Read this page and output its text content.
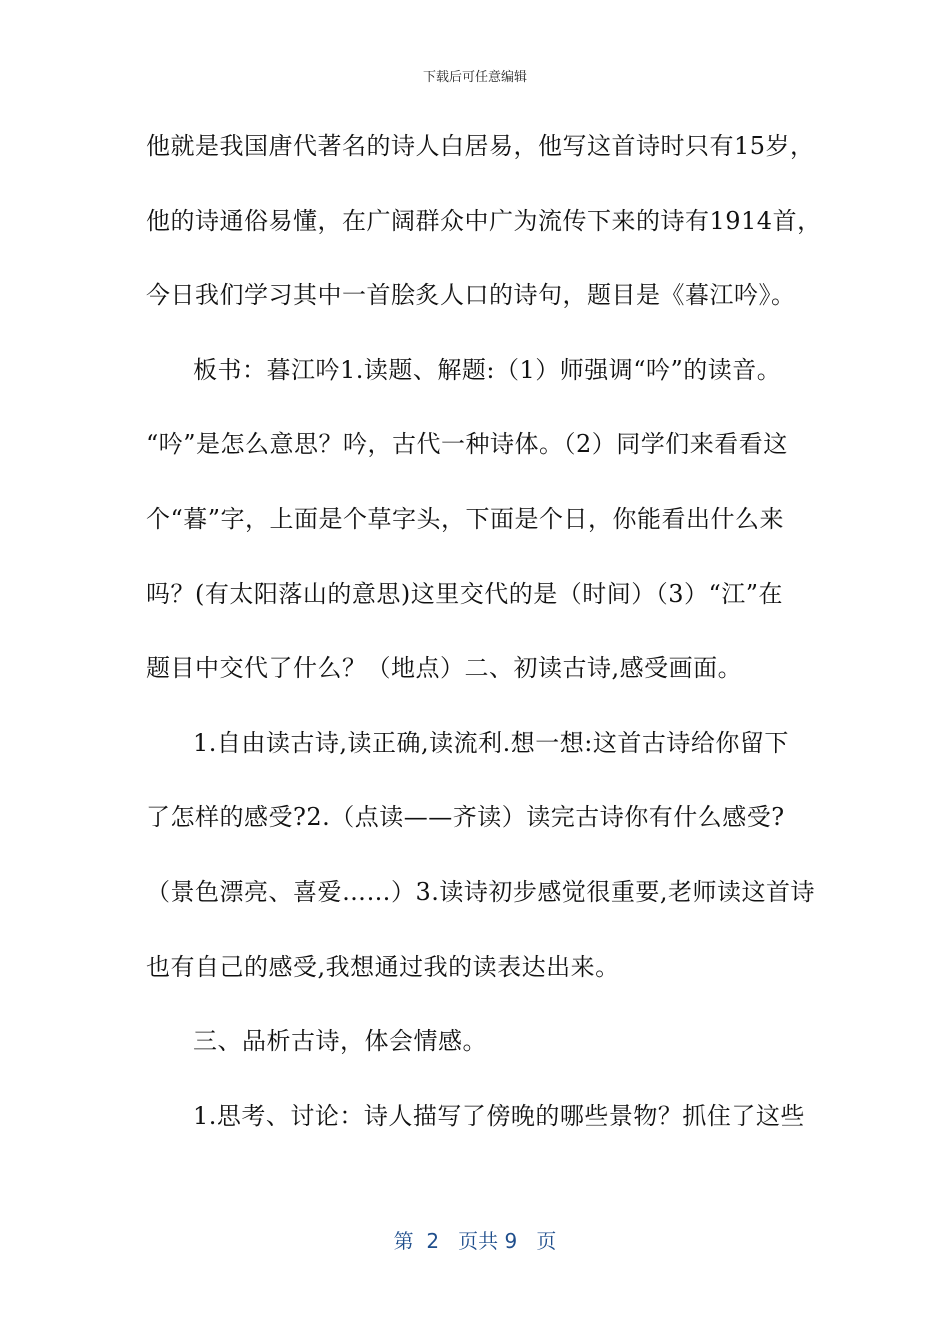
下载后可任意编辑
他就是我国唐代著名的诗人白居易，他写这首诗时只有15岁，
他的诗通俗易懂，在广阔群众中广为流传下来的诗有1914首，
今日我们学习其中一首脍炙人口的诗句，题目是《暮江吟》。
板书：暮江吟1.读题、解题:（1）师强调“吟”的读音。
“吟”是怎么意思？吟，古代一种诗体。（2）同学们来看看这
个“暮”字，上面是个草字头，下面是个日，你能看出什么来
吗？(有太阳落山的意思)这里交代的是（时间）（3）“江”在
题目中交代了什么？（地点）二、初读古诗,感受画面。
1.自由读古诗,读正确,读流利.想一想:这首古诗给你留下
了怎样的感受?2.（点读——齐读）读完古诗你有什么感受?
（景色漂亮、喜爱……）3.读诗初步感觉很重要,老师读这首诗
也有自己的感受,我想通过我的读表达出来。
三、品析古诗，体会情感。
1.思考、讨论：诗人描写了傍晚的哪些景物？抓住了这些
第  2   页共 9   页
